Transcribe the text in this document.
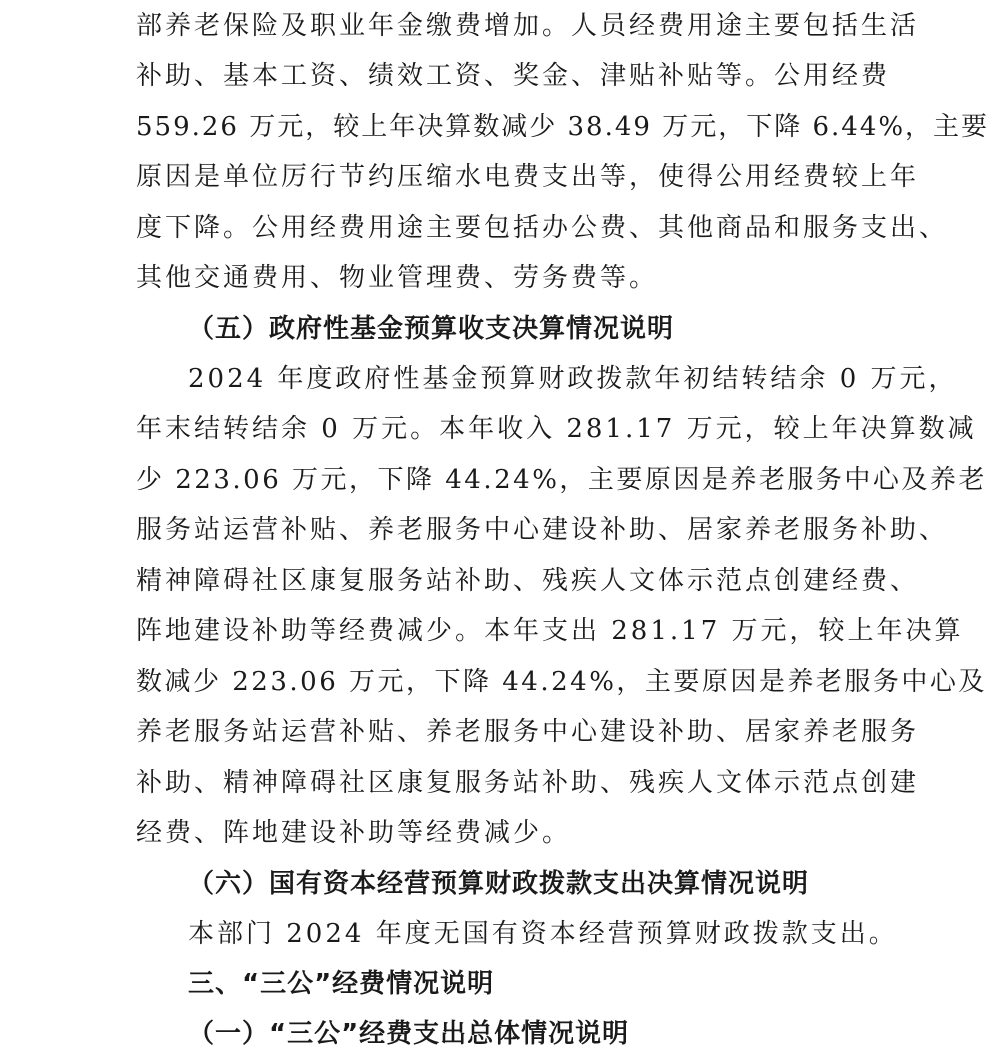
部养老保险及职业年金缴费增加。人员经费用途主要包括生活
补助、基本工资、绩效工资、奖金、津贴补贴等。公用经费
559.26 万元，较上年决算数减少 38.49 万元，下降 6.44%，主要
原因是单位厉行节约压缩水电费支出等，使得公用经费较上年
度下降。公用经费用途主要包括办公费、其他商品和服务支出、
其他交通费用、物业管理费、劳务费等。
（五）政府性基金预算收支决算情况说明
2024 年度政府性基金预算财政拨款年初结转结余 0 万元，
年末结转结余 0 万元。本年收入 281.17 万元，较上年决算数减
少 223.06 万元，下降 44.24%，主要原因是养老服务中心及养老
服务站运营补贴、养老服务中心建设补助、居家养老服务补助、
精神障碍社区康复服务站补助、残疾人文体示范点创建经费、
阵地建设补助等经费减少。本年支出 281.17 万元，较上年决算
数减少 223.06 万元，下降 44.24%，主要原因是养老服务中心及
养老服务站运营补贴、养老服务中心建设补助、居家养老服务
补助、精神障碍社区康复服务站补助、残疾人文体示范点创建
经费、阵地建设补助等经费减少。
（六）国有资本经营预算财政拨款支出决算情况说明
本部门 2024 年度无国有资本经营预算财政拨款支出。
三、“三公”经费情况说明
（一）“三公”经费支出总体情况说明
